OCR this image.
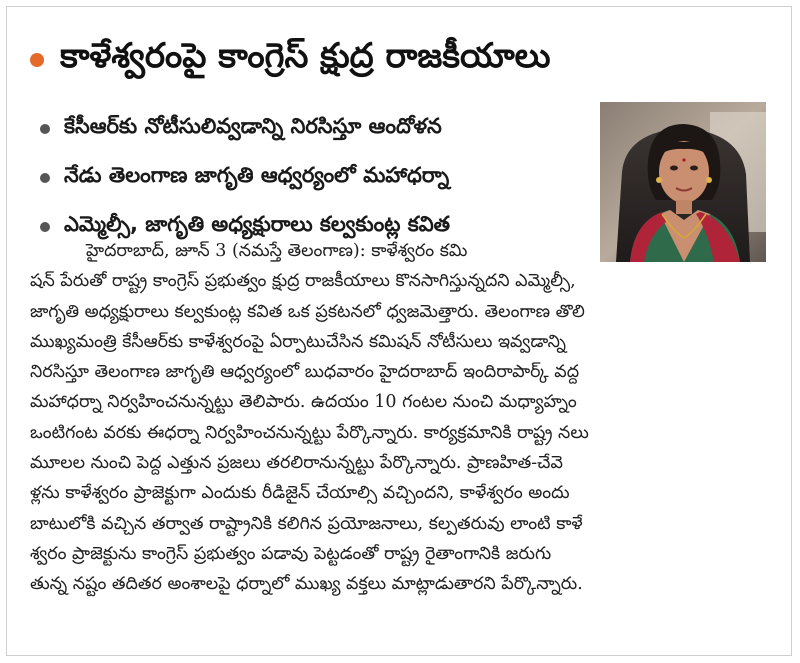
కాళేశ్వరంపై కాంగ్రెస్ క్షుద్ర రాజకీయాలు
కేసీఆర్‌కు నోటీసులివ్వడాన్ని నిరసిస్తూ ఆందోళన
నేడు తెలంగాణ జాగృతి ఆధ్వర్యంలో మహాధర్నా
ఎమ్మెల్సీ, జాగృతి అధ్యక్షురాలు కల్వకుంట్ల కవిత
హైదరాబాద్, జూన్ 3 (నమస్తే తెలంగాణ): కాళేశ్వరం కమి
షన్ పేరుతో రాష్ట్ర కాంగ్రెస్ ప్రభుత్వం క్షుద్ర రాజకీయాలు కొనసాగిస్తున్నదని ఎమ్మెల్సీ,
జాగృతి అధ్యక్షురాలు కల్వకుంట్ల కవిత ఒక ప్రకటనలో ధ్వజమెత్తారు. తెలంగాణ తొలి
ముఖ్యమంత్రి కేసీఆర్‌కు కాళేశ్వరంపై ఏర్పాటుచేసిన కమిషన్ నోటీసులు ఇవ్వడాన్ని
నిరసిస్తూ తెలంగాణ జాగృతి ఆధ్వర్యంలో బుధవారం హైదరాబాద్ ఇందిరాపార్క్ వద్ద
మహాధర్నా నిర్వహించనున్నట్టు తెలిపారు. ఉదయం 10 గంటల నుంచి మధ్యాహ్నం
ఒంటిగంట వరకు ఈధర్నా నిర్వహించనున్నట్టు పేర్కొన్నారు. కార్యక్రమానికి రాష్ట్ర నలు
మూలల నుంచి పెద్ద ఎత్తున ప్రజలు తరలిరానున్నట్టు పేర్కొన్నారు. ప్రాణహిత-చేవె
ళ్లను కాళేశ్వరం ప్రాజెక్టుగా ఎందుకు రీడిజైన్ చేయాల్సి వచ్చిందని, కాళేశ్వరం అందు
బాటులోకి వచ్చిన తర్వాత రాష్ట్రానికి కలిగిన ప్రయోజనాలు, కల్పతరువు లాంటి కాళే
శ్వరం ప్రాజెక్టును కాంగ్రెస్ ప్రభుత్వం పడావు పెట్టడంతో రాష్ట్ర రైతాంగానికి జరుగు
తున్న నష్టం తదితర అంశాలపై ధర్నాలో ముఖ్య వక్తలు మాట్లాడుతారని పేర్కొన్నారు.
